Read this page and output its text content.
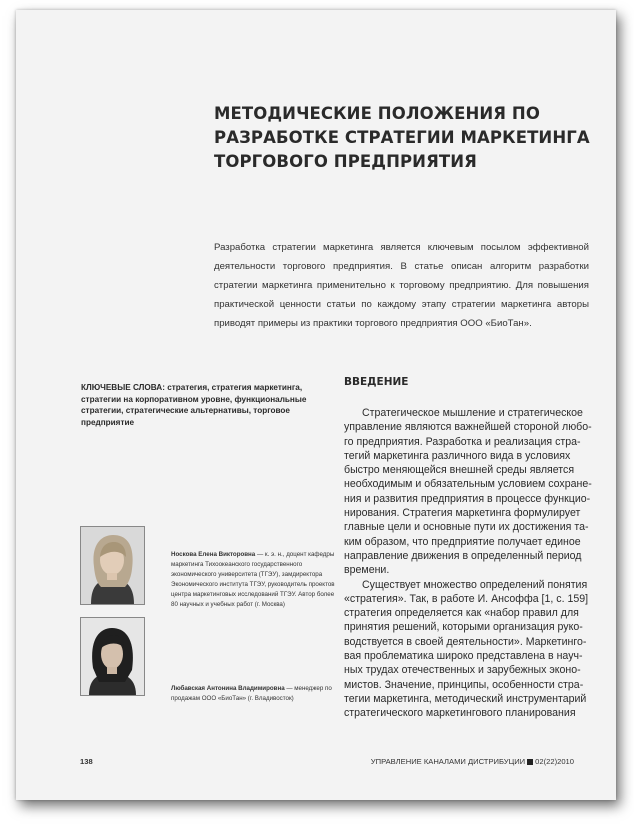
МЕТОДИЧЕСКИЕ ПОЛОЖЕНИЯ ПО
РАЗРАБОТКЕ СТРАТЕГИИ МАРКЕТИНГА
ТОРГОВОГО ПРЕДПРИЯТИЯ
Разработка стратегии маркетинга является ключевым посылом эффективной деятельности торгового предприятия. В статье описан алгоритм разработки стратегии маркетинга применительно к торговому предприятию. Для повышения практической ценности статьи по каждому этапу стратегии маркетинга авторы приводят примеры из практики торгового предприятия ООО «БиоТан».
КЛЮЧЕВЫЕ СЛОВА: стратегия, стратегия маркетинга, стратегии на корпоративном уровне, функциональные стратегии, стратегические альтернативы, торговое предприятие
ВВЕДЕНИЕ
Стратегическое мышление и стратегическое
управление являются важнейшей стороной любо-
го предприятия. Разработка и реализация стра-
тегий маркетинга различного вида в условиях
быстро меняющейся внешней среды является
необходимым и обязательным условием сохране-
ния и развития предприятия в процессе функцио-
нирования. Стратегия маркетинга формулирует
главные цели и основные пути их достижения та-
ким образом, что предприятие получает единое
направление движения в определенный период
времени.
Существует множество определений понятия
«стратегия». Так, в работе И. Ансоффа [1, с. 159]
стратегия определяется как «набор правил для
принятия решений, которыми организация руко-
водствуется в своей деятельности». Маркетинго-
вая проблематика широко представлена в науч-
ных трудах отечественных и зарубежных эконо-
мистов. Значение, принципы, особенности стра-
тегии маркетинга, методический инструментарий
стратегического маркетингового планирования
Носкова Елена Викторовна — к. э. н., доцент кафедры маркетинга Тихоокеанского государственного экономического университета (ТГЭУ), замдиректора Экономического института ТГЭУ, руководитель проектов центра маркетинговых исследований ТГЭУ. Автор более 80 научных и учебных работ (г. Москва)
Любавская Антонина Владимировна — менеджер по продажам ООО «БиоТан» (г. Владивосток)
138	УПРАВЛЕНИЕ КАНАЛАМИ ДИСТРИБУЦИИ 02(22)2010
